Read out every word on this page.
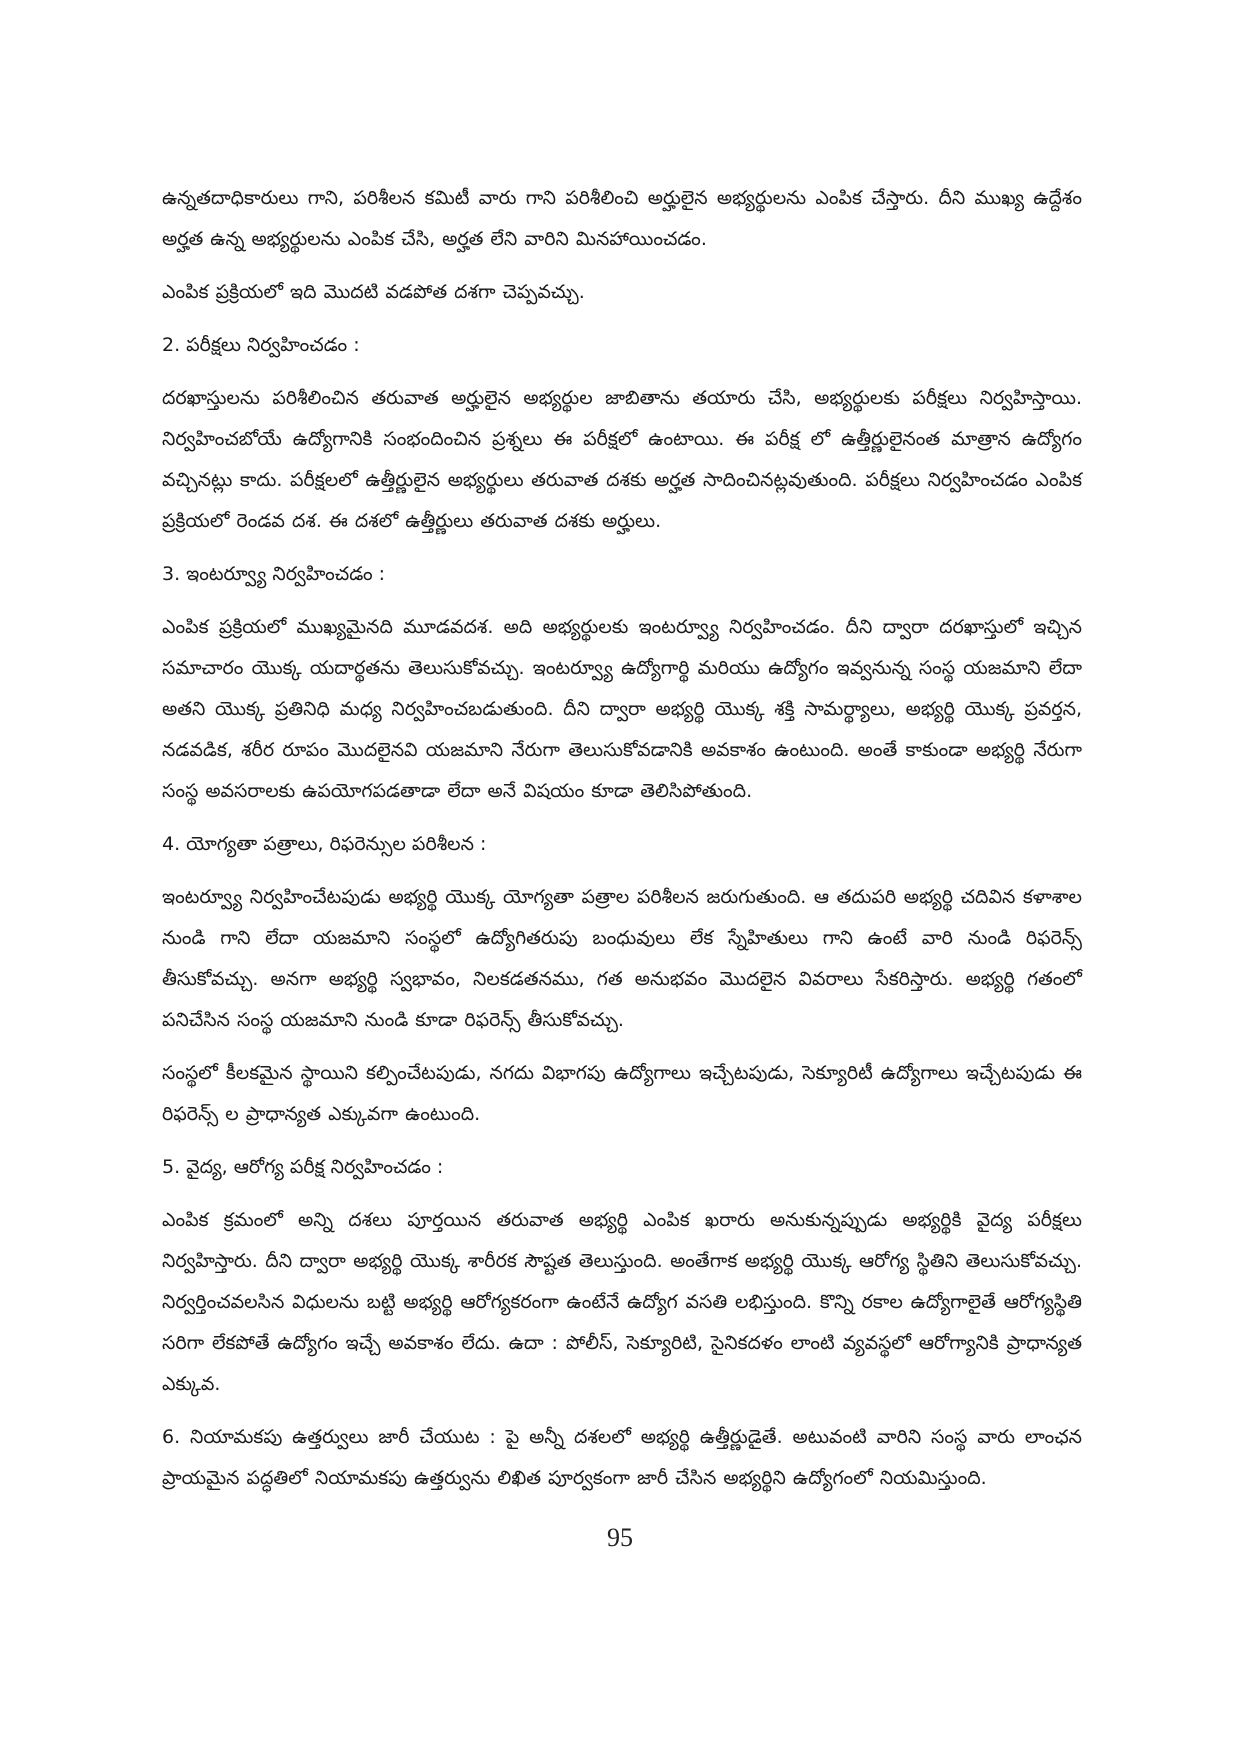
ఉన్నతదాధికారులు గాని, పరిశీలన కమిటీ వారు గాని పరిశీలించి అర్హులైన అభ్యర్థులను ఎంపిక చేస్తారు. దీని ముఖ్య ఉద్దేశం అర్హత ఉన్న అభ్యర్థులను ఎంపిక చేసి, అర్హత లేని వారిని మినహాయించడం.

ఎంపిక ప్రక్రియలో ఇది మొదటి వడపోత దశగా చెప్పవచ్చు.

2. పరీక్షలు నిర్వహించడం :

దరఖాస్తులను పరిశీలించిన తరువాత అర్హులైన అభ్యర్థుల జాబితాను తయారు చేసి, అభ్యర్థులకు పరీక్షలు నిర్వహిస్తాయి. నిర్వహించబోయే ఉద్యోగానికి సంభందించిన ప్రశ్నలు ఈ పరీక్షలో ఉంటాయి. ఈ పరీక్ష లో ఉత్తీర్ణులైనంత మాత్రాన ఉద్యోగం వచ్చినట్లు కాదు. పరీక్షలలో ఉత్తీర్ణులైన అభ్యర్థులు తరువాత దశకు అర్హత సాదించినట్లవుతుంది. పరీక్షలు నిర్వహించడం ఎంపిక ప్రక్రియలో రెండవ దశ. ఈ దశలో ఉత్తీర్ణులు తరువాత దశకు అర్హులు.

3. ఇంటర్వ్యూ నిర్వహించడం :

ఎంపిక ప్రక్రియలో ముఖ్యమైనది మూడవదశ. అది అభ్యర్థులకు ఇంటర్వ్యూ నిర్వహించడం. దీని ద్వారా దరఖాస్తులో ఇచ్చిన సమాచారం యొక్క యదార్థతను తెలుసుకోవచ్చు. ఇంటర్వ్యూ ఉద్యోగార్థి మరియు ఉద్యోగం ఇవ్వనున్న సంస్థ యజమాని లేదా అతని యొక్క ప్రతినిధి మధ్య నిర్వహించబడుతుంది. దీని ద్వారా అభ్యర్థి యొక్క శక్తి సామర్థ్యాలు, అభ్యర్థి యొక్క ప్రవర్తన, నడవడిక, శరీర రూపం మొదలైనవి యజమాని నేరుగా తెలుసుకోవడానికి అవకాశం ఉంటుంది. అంతే కాకుండా అభ్యర్థి నేరుగా సంస్థ అవసరాలకు ఉపయోగపడతాడా లేదా అనే విషయం కూడా తెలిసిపోతుంది.

4. యోగ్యతా పత్రాలు, రిఫరెన్సుల పరిశీలన :

ఇంటర్వ్యూ నిర్వహించేటపుడు అభ్యర్థి యొక్క యోగ్యతా పత్రాల పరిశీలన జరుగుతుంది. ఆ తదుపరి అభ్యర్థి చదివిన కళాశాల నుండి గాని లేదా యజమాని సంస్థలో ఉద్యోగితరుపు బంధువులు లేక స్నేహితులు గాని ఉంటే వారి నుండి రిఫరెన్స్ తీసుకోవచ్చు. అనగా అభ్యర్థి స్వభావం, నిలకడతనము, గత అనుభవం మొదలైన వివరాలు సేకరిస్తారు. అభ్యర్థి గతంలో పనిచేసిన సంస్థ యజమాని నుండి కూడా రిఫరెన్స్ తీసుకోవచ్చు.

సంస్థలో కీలకమైన స్థాయిని కల్పించేటపుడు, నగదు విభాగపు ఉద్యోగాలు ఇచ్చేటపుడు, సెక్యూరిటీ ఉద్యోగాలు ఇచ్చేటపుడు ఈ రిఫరెన్స్ ల ప్రాధాన్యత ఎక్కువగా ఉంటుంది.

5. వైద్య, ఆరోగ్య పరీక్ష నిర్వహించడం :

ఎంపిక క్రమంలో అన్ని దశలు పూర్తయిన తరువాత అభ్యర్థి ఎంపిక ఖరారు అనుకున్నప్పుడు అభ్యర్థికి వైద్య పరీక్షలు నిర్వహిస్తారు. దీని ద్వారా అభ్యర్థి యొక్క శారీరక సౌష్టత తెలుస్తుంది. అంతేగాక అభ్యర్థి యొక్క ఆరోగ్య స్థితిని తెలుసుకోవచ్చు. నిర్వర్తించవలసిన విధులను బట్టి అభ్యర్థి ఆరోగ్యకరంగా ఉంటేనే ఉద్యోగ వసతి లభిస్తుంది. కొన్ని రకాల ఉద్యోగాలైతే ఆరోగ్యస్థితి సరిగా లేకపోతే ఉద్యోగం ఇచ్చే అవకాశం లేదు. ఉదా : పోలీస్, సెక్యూరిటి, సైనికదళం లాంటి వ్యవస్థలో ఆరోగ్యానికి ప్రాధాన్యత ఎక్కువ.

6. నియామకపు ఉత్తర్వులు జారీ చేయుట : పై అన్నీ దశలలో అభ్యర్థి ఉత్తీర్ణుడైతే. అటువంటి వారిని సంస్థ వారు లాంఛన ప్రాయమైన పద్ధతిలో నియామకపు ఉత్తర్వును లిఖిత పూర్వకంగా జారీ చేసిన అభ్యర్థిని ఉద్యోగంలో నియమిస్తుంది.

95
